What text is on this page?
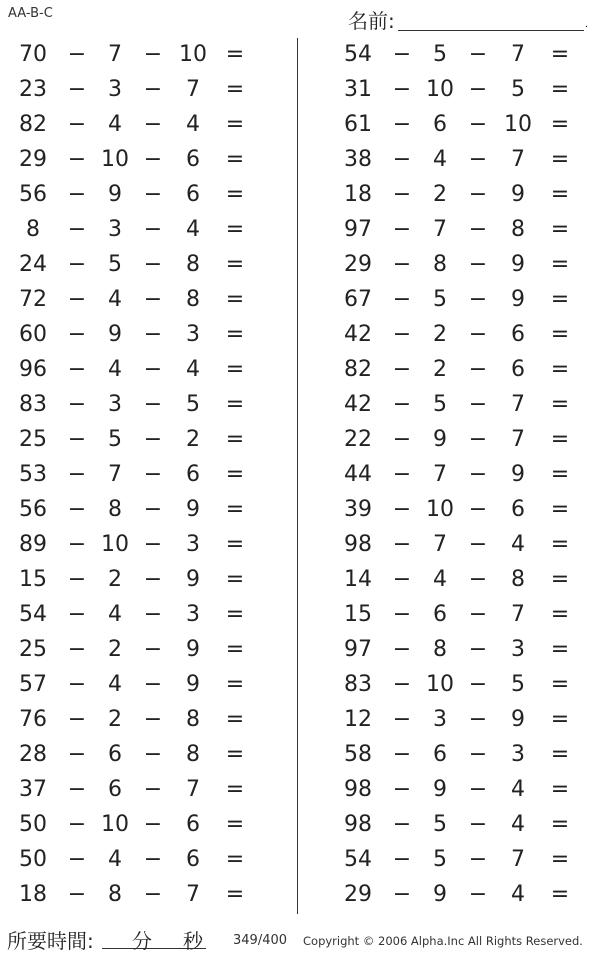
AA-B-C	名前:	.
70 − 7 − 10 =
23 − 3 −	7	=
82 − 4 −	4	=
29 − 10 −	6	=
56 − 9 −	6	=
8	− 3 −	4	=
24 − 5 −	8	=
72 − 4 −	8	=
60 − 9 −	3	=
96 − 4 −	4	=
83 − 3 −	5	=
25 − 5 −	2	=
53 − 7 −	6	=
56 − 8 −	9	=
89 − 10 −	3	=
15 − 2 −	9	=
54 − 4 −	3	=
25 − 2 −	9	=
57 − 4 −	9	=
76 − 2 −	8	=
28 − 6 −	8	=
37 − 6 −	7	=
50 − 10 −	6	=
50 − 4 −	6	=
18 − 8 −	7	=
54 − 5 −	7	=
31 − 10 −	5	=
61 − 6 − 10 =
38 − 4 −	7	=
18 − 2 −	9	=
97 − 7 −	8	=
29 − 8 −	9	=
67 − 5 −	9	=
42 − 2 −	6	=
82 − 2 −	6	=
42 − 5 −	7	=
22 − 9 −	7	=
44 − 7 −	9	=
39 − 10 −	6	=
98 − 7 −	4	=
14 − 4 −	8	=
15 − 6 −	7	=
97 − 8 −	3	=
83 − 10 −	5	=
12 − 3 −	9	=
58 − 6 −	3	=
98 − 9 −	4	=
98 − 5 −	4	=
54 − 5 −	7	=
29 − 9 −	4	=
所要時間: 分 秒 349/400 Copyright © 2006 Alpha.Inc All Rights Reserved.
